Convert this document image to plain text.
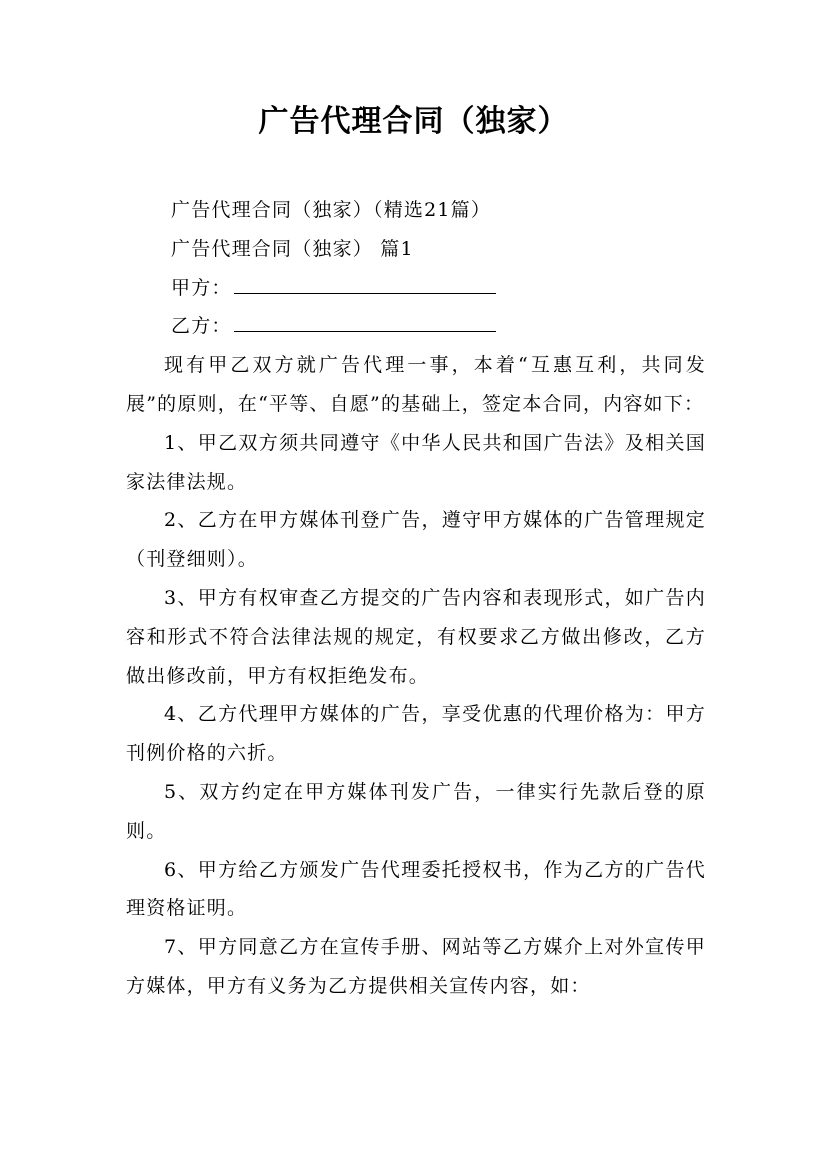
广告代理合同（独家）

广告代理合同（独家）（精选21篇）

广告代理合同（独家） 篇1

甲方：

乙方：

现有甲乙双方就广告代理一事，本着“互惠互利，共同发展”的原则，在“平等、自愿”的基础上，签定本合同，内容如下：

1、甲乙双方须共同遵守《中华人民共和国广告法》及相关国家法律法规。

2、乙方在甲方媒体刊登广告，遵守甲方媒体的广告管理规定（刊登细则）。

3、甲方有权审查乙方提交的广告内容和表现形式，如广告内容和形式不符合法律法规的规定，有权要求乙方做出修改，乙方做出修改前，甲方有权拒绝发布。

4、乙方代理甲方媒体的广告，享受优惠的代理价格为：甲方刊例价格的六折。

5、双方约定在甲方媒体刊发广告，一律实行先款后登的原则。

6、甲方给乙方颁发广告代理委托授权书，作为乙方的广告代理资格证明。

7、甲方同意乙方在宣传手册、网站等乙方媒介上对外宣传甲方媒体，甲方有义务为乙方提供相关宣传内容，如：
